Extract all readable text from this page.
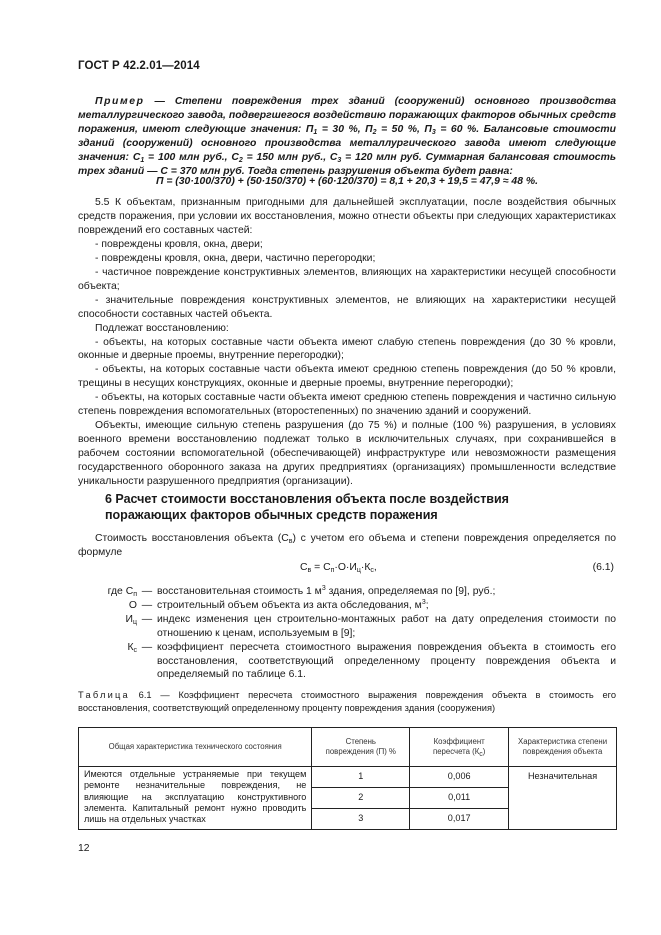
ГОСТ Р 42.2.01—2014
Пример — Степени повреждения трех зданий (сооружений) основного производства металлургического завода, подвергшегося воздействию поражающих факторов обычных средств поражения, имеют следующие значения: $П_1 = 30$ %, $П_2 = 50$ %, $П_3 = 60$ %. Балансовые стоимости зданий (сооружений) основного производства металлургического завода имеют следующие значения: $С_1 = 100$ млн руб., $С_2 = 150$ млн руб., $С_3 = 120$ млн руб. Суммарная балансовая стоимость трех зданий — С = 370 млн руб. Тогда степень разрушения объекта будет равна:
П = (30·100/370) + (50·150/370) + (60·120/370) = 8,1 + 20,3 + 19,5 = 47,9 ≈ 48 %.

5.5 К объектам, признанным пригодными для дальнейшей эксплуатации, после воздействия обычных средств поражения, при условии их восстановления, можно отнести объекты при следующих характеристиках повреждений его составных частей:

- повреждены кровля, окна, двери;

- повреждены кровля, окна, двери, частично перегородки;

- частичное повреждение конструктивных элементов, влияющих на характеристики несущей способности объекта;

- значительные повреждения конструктивных элементов, не влияющих на характеристики несущей способности составных частей объекта.

Подлежат восстановлению:

- объекты, на которых составные части объекта имеют слабую степень повреждения (до 30 % кровли, оконные и дверные проемы, внутренние перегородки);

- объекты, на которых составные части объекта имеют среднюю степень повреждения (до 50 % кровли, трещины в несущих конструкциях, оконные и дверные проемы, внутренние перегородки);

- объекты, на которых составные части объекта имеют среднюю степень повреждения и частично сильную степень повреждения вспомогательных (второстепенных) по значению зданий и сооружений.

Объекты, имеющие сильную степень разрушения (до 75 %) и полные (100 %) разрушения, в условиях военного времени восстановлению подлежат только в исключительных случаях, при сохранившейся в рабочем состоянии вспомогательной (обеспечивающей) инфраструктуре или невозможности размещения государственного оборонного заказа на других предприятиях (организациях) промышленности вследствие уникальности разрушенного предприятия (организации).

6 Расчет стоимости восстановления объекта после воздействия
поражающих факторов обычных средств поражения
Стоимость восстановления объекта $(С_в)$ с учетом его объема и степени повреждения определяется по формуле
$С_в = С_п\cdot О\cdot И_ц\cdot К_с$,	(6.1)
где $С_п$ — восстановительная стоимость 1 $м^3$ здания, определяемая по [9], руб.;
О — строительный объем объекта из акта обследования, $м^3$;
$И_ц$ — индекс изменения цен строительно-монтажных работ на дату определения стоимости по отношению к ценам, используемым в [9];
$К_с$ — коэффициент пересчета стоимостного выражения повреждения объекта в стоимость его восстановления, соответствующий определенному проценту повреждения объекта и определяемый по таблице 6.1.
Таблица 6.1 — Коэффициент пересчета стоимостного выражения повреждения объекта в стоимость его восстановления, соответствующий определенному проценту повреждения здания (сооружения)
Общая характеристика технического состояния	Степень повреждения (П) %	Коэффициент пересчета $(К_с)$	Характеристика степени повреждения объекта
Имеются отдельные устраняемые при текущем ремонте незначительные повреждения, не влияющие на эксплуатацию конструктивного элемента. Капитальный ремонт нужно проводить лишь на отдельных участках	1	0,006	Незначительная
	2	0,011	
	3	0,017	
12
